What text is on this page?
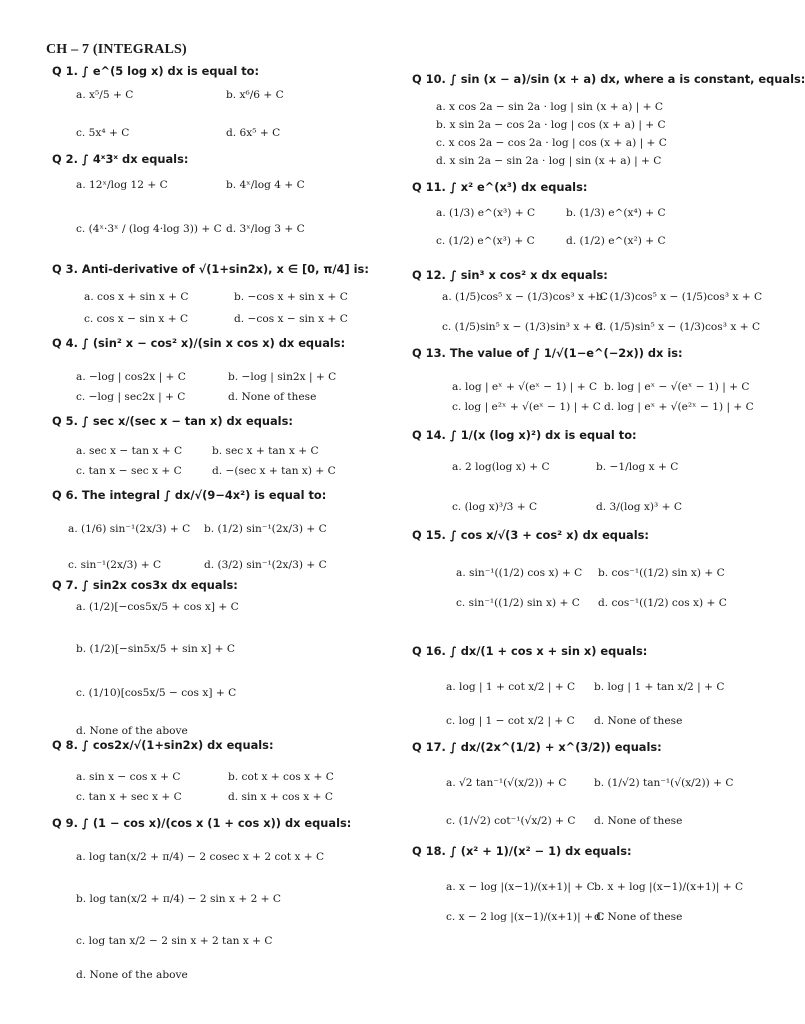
CH – 7 (INTEGRALS)
Q 1. ∫ e^(5 log x) dx is equal to:
a. x⁵/5 + C	b. x⁶/6 + C
c. 5x⁴ + C	d. 6x⁵ + C
Q 2. ∫ 4ˣ3ˣ dx equals:
a. 12ˣ/log 12 + C	b. 4ˣ/log 4 + C
c. (4ˣ·3ˣ / (log 4·log 3)) + C d. 3ˣ/log 3 + C
Q 3. Anti-derivative of √(1+sin2x), x ∈ [0, π/4] is:
a. cos x + sin x + C	b. −cos x + sin x + C
c. cos x − sin x + C	d. −cos x − sin x + C
Q 4. ∫ (sin² x − cos² x)/(sin x cos x) dx equals:
a. −log | cos2x | + C	b. −log | sin2x | + C
c. −log | sec2x | + C	d. None of these
Q 5. ∫ sec x/(sec x − tan x) dx equals:
a. sec x − tan x + C	b. sec x + tan x + C
c. tan x − sec x + C	d. −(sec x + tan x) + C
Q 6. The integral ∫ dx/√(9−4x²) is equal to:
a. (1/6) sin⁻¹(2x/3) + C b. (1/2) sin⁻¹(2x/3) + C
c. sin⁻¹(2x/3) + C	d. (3/2) sin⁻¹(2x/3) + C
Q 7. ∫ sin2x cos3x dx equals:
a. (1/2)[−cos5x/5 + cos x] + C
b. (1/2)[−sin5x/5 + sin x] + C
c. (1/10)[cos5x/5 − cos x] + C
d. None of the above
Q 8. ∫ cos2x/√(1+sin2x) dx equals:
a. sin x − cos x + C	b. cot x + cos x + C
c. tan x + sec x + C	d. sin x + cos x + C
Q 9. ∫ (1 − cos x)/(cos x (1 + cos x)) dx equals:
a. log tan(x/2 + π/4) − 2 cosec x + 2 cot x + C
b. log tan(x/2 + π/4) − 2 sin x + 2 + C
c. log tan x/2 − 2 sin x + 2 tan x + C
d. None of the above
Q 10. ∫ sin (x − a)/sin (x + a) dx, where a is constant, equals:
a. x cos 2a − sin 2a · log | sin (x + a) | + C
b. x sin 2a − cos 2a · log | cos (x + a) | + C
c. x cos 2a − cos 2a · log | cos (x + a) | + C
d. x sin 2a − sin 2a · log | sin (x + a) | + C
Q 11. ∫ x² e^(x³) dx equals:
a. (1/3) e^(x³) + C	b. (1/3) e^(x⁴) + C
c. (1/2) e^(x³) + C	d. (1/2) e^(x²) + C
Q 12. ∫ sin³ x cos² x dx equals:
a. (1/5)cos⁵ x − (1/3)cos³ x + C
b. (1/3)cos⁵ x − (1/5)cos³ x + C
c. (1/5)sin⁵ x − (1/3)sin³ x + C
d. (1/5)sin⁵ x − (1/3)cos³ x + C
Q 13. The value of ∫ 1/√(1−e^(−2x)) dx is:
a. log | eˣ + √(eˣ − 1) | + C b. log | eˣ − √(eˣ − 1) | + C
c. log | e²ˣ + √(eˣ − 1) | + C d. log | eˣ + √(e²ˣ − 1) | + C
Q 14. ∫ 1/(x (log x)²) dx is equal to:
a. 2 log(log x) + C	b. −1/log x + C
c. (log x)³/3 + C	d. 3/(log x)³ + C
Q 15. ∫ cos x/√(3 + cos² x) dx equals:
a. sin⁻¹((1/2) cos x) + C b. cos⁻¹((1/2) sin x) + C
c. sin⁻¹((1/2) sin x) + C d. cos⁻¹((1/2) cos x) + C
Q 16. ∫ dx/(1 + cos x + sin x) equals:
a. log | 1 + cot x/2 | + C b. log | 1 + tan x/2 | + C
c. log | 1 − cot x/2 | + C d. None of these
Q 17. ∫ dx/(2x^(1/2) + x^(3/2)) equals:
a. √2 tan⁻¹(√(x/2)) + C	b. (1/√2) tan⁻¹(√(x/2)) + C
c. (1/√2) cot⁻¹(√x/2) + C d. None of these
Q 18. ∫ (x² + 1)/(x² − 1) dx equals:
a. x − log |(x−1)/(x+1)| + C b. x + log |(x−1)/(x+1)| + C
c. x − 2 log |(x−1)/(x+1)| + C
d. None of these
